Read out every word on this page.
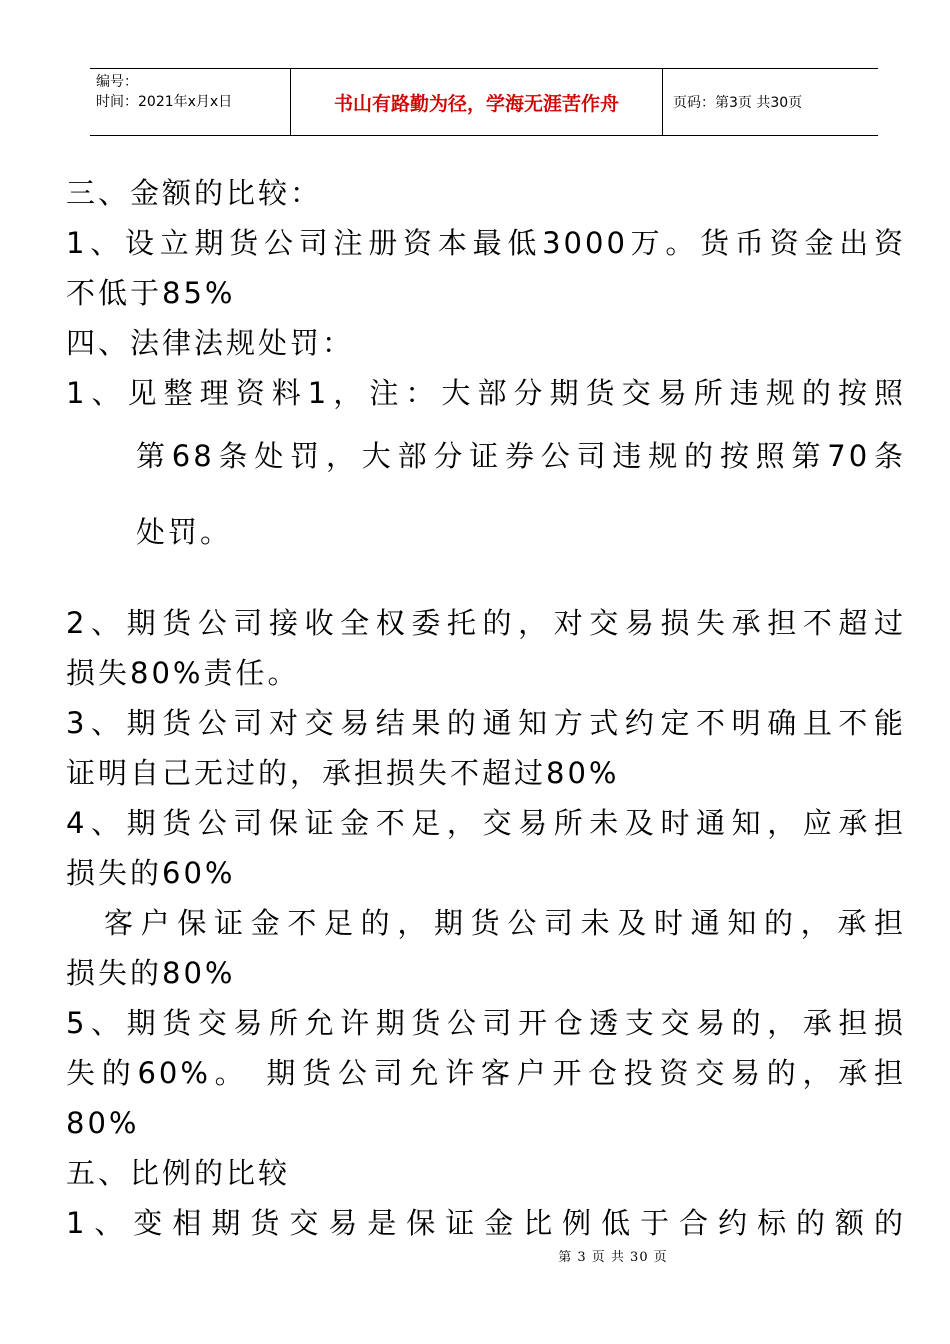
编号：
时间：2021年x月x日	书山有路勤为径，学海无涯苦作舟	页码：第3页 共30页
三、金额的比较：
1、设立期货公司注册资本最低3000万。货币资金出资
不低于85%
四、法律法规处罚：
1、见整理资料1，注：大部分期货交易所违规的按照
第68条处罚，大部分证券公司违规的按照第70条
处罚。
2、期货公司接收全权委托的，对交易损失承担不超过
损失80%责任。
3、期货公司对交易结果的通知方式约定不明确且不能
证明自己无过的，承担损失不超过80%
4、期货公司保证金不足，交易所未及时通知，应承担
损失的60%
客户保证金不足的，期货公司未及时通知的，承担
损失的80%
5、期货交易所允许期货公司开仓透支交易的，承担损
失的60%。 期货公司允许客户开仓投资交易的，承担
80%
五、比例的比较
1、变相期货交易是保证金比例低于合约标的额的
第 3 页 共 30 页
